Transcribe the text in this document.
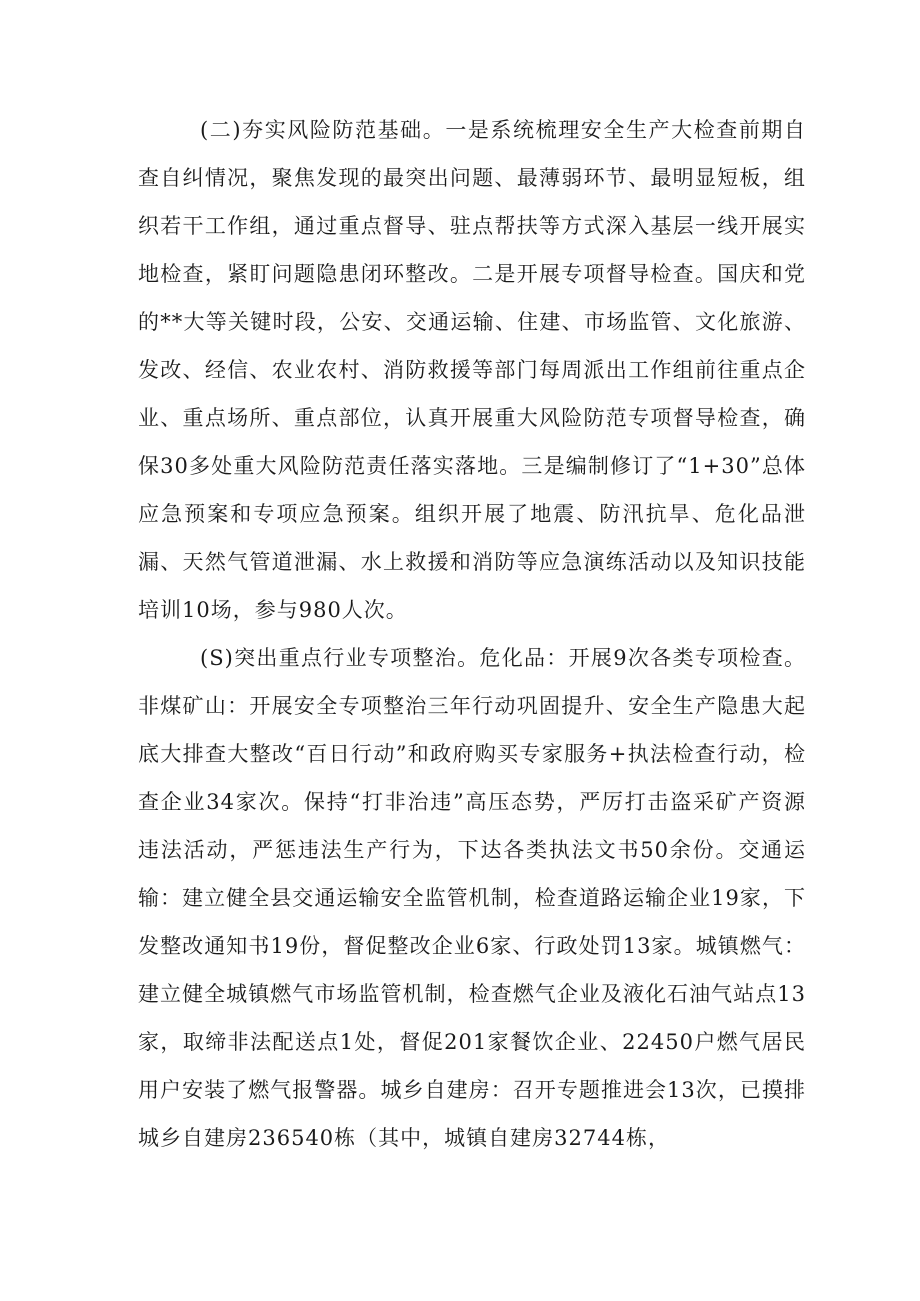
(二)夯实风险防范基础。一是系统梳理安全生产大检查前期自查自纠情况，聚焦发现的最突出问题、最薄弱环节、最明显短板，组织若干工作组，通过重点督导、驻点帮扶等方式深入基层一线开展实地检查，紧盯问题隐患闭环整改。二是开展专项督导检查。国庆和党的**大等关键时段，公安、交通运输、住建、市场监管、文化旅游、发改、经信、农业农村、消防救援等部门每周派出工作组前往重点企业、重点场所、重点部位，认真开展重大风险防范专项督导检查，确保30多处重大风险防范责任落实落地。三是编制修订了“1+30”总体应急预案和专项应急预案。组织开展了地震、防汛抗旱、危化品泄漏、天然气管道泄漏、水上救援和消防等应急演练活动以及知识技能培训10场，参与980人次。

(S)突出重点行业专项整治。危化品：开展9次各类专项检查。非煤矿山：开展安全专项整治三年行动巩固提升、安全生产隐患大起底大排查大整改“百日行动”和政府购买专家服务+执法检查行动，检查企业34家次。保持“打非治违”高压态势，严厉打击盗采矿产资源违法活动，严惩违法生产行为，下达各类执法文书50余份。交通运输：建立健全县交通运输安全监管机制，检查道路运输企业19家，下发整改通知书19份，督促整改企业6家、行政处罚13家。城镇燃气：建立健全城镇燃气市场监管机制，检查燃气企业及液化石油气站点13家，取缔非法配送点1处，督促201家餐饮企业、22450户燃气居民用户安装了燃气报警器。城乡自建房：召开专题推进会13次，已摸排城乡自建房236540栋（其中，城镇自建房32744栋，
